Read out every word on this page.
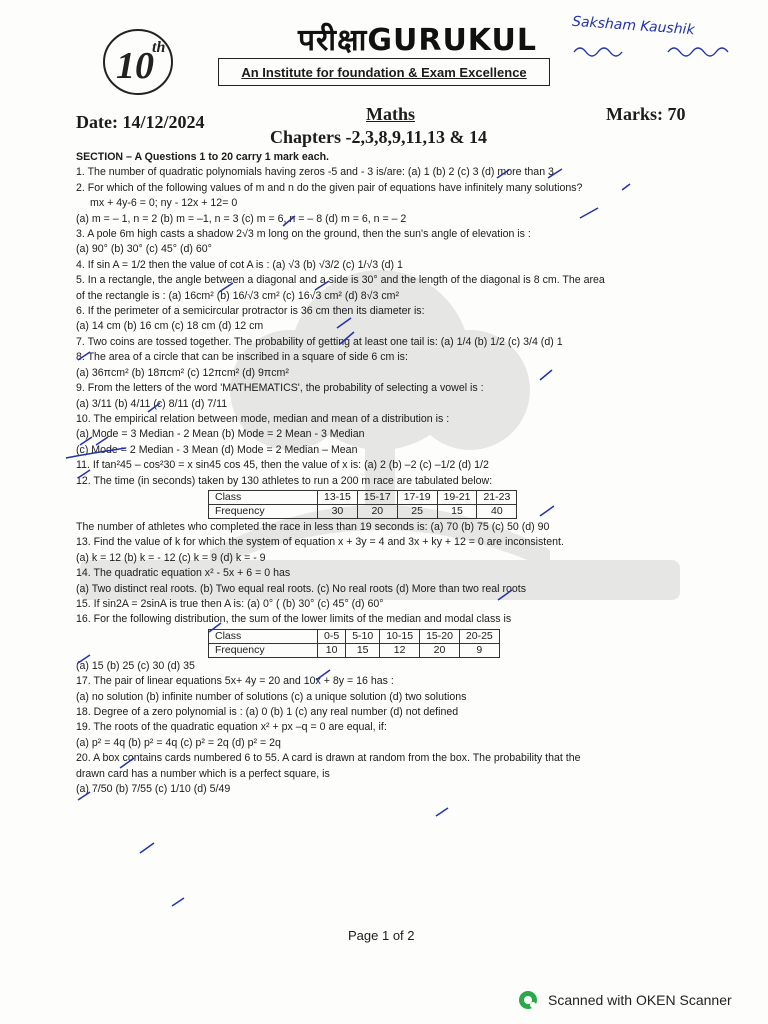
10
th	परीक्षाGURUKUL
An Institute for foundation & Exam Excellence
Saksham Kaushik
Date: 14/12/2024	Maths	Marks: 70
Chapters -2,3,8,9,11,13 & 14
SECTION – A Questions 1 to 20 carry 1 mark each.
1. The number of quadratic polynomials having zeros -5 and - 3 is/are: (a) 1 (b) 2 (c) 3 (d) more than 3
2. For which of the following values of m and n do the given pair of equations have infinitely many solutions?
mx + 4y-6 = 0; ny - 12x + 12= 0
(a) m = – 1, n = 2 (b) m = –1, n = 3 (c) m = 6, n = – 8 (d) m = 6, n = – 2
3. A pole 6m high casts a shadow 2√3 m long on the ground, then the sun's angle of elevation is :
(a) 90° (b) 30° (c) 45° (d) 60°
4. If sin A = 1/2 then the value of cot A is : (a) √3 (b) √3/2 (c) 1/√3 (d) 1
5. In a rectangle, the angle between a diagonal and a side is 30° and the length of the diagonal is 8 cm. The area
of the rectangle is : (a) 16cm² (b) 16/√3 cm² (c) 16√3 cm² (d) 8√3 cm²
6. If the perimeter of a semicircular protractor is 36 cm then its diameter is:
(a) 14 cm (b) 16 cm (c) 18 cm (d) 12 cm
7. Two coins are tossed together. The probability of getting at least one tail is: (a) 1/4 (b) 1/2 (c) 3/4 (d) 1
8. The area of a circle that can be inscribed in a square of side 6 cm is:
(a) 36πcm² (b) 18πcm² (c) 12πcm² (d) 9πcm²
9. From the letters of the word 'MATHEMATICS', the probability of selecting a vowel is :
(a) 3/11 (b) 4/11 (c) 8/11 (d) 7/11
10. The empirical relation between mode, median and mean of a distribution is :
(a) Mode = 3 Median - 2 Mean (b) Mode = 2 Mean - 3 Median
(c) Mode = 2 Median - 3 Mean (d) Mode = 2 Median – Mean
11. If tan²45 – cos²30 = x sin45 cos 45, then the value of x is: (a) 2 (b) –2 (c) –1/2 (d) 1/2
12. The time (in seconds) taken by 130 athletes to run a 200 m race are tabulated below:
Class	13-15	15-17	17-19	19-21	21-23
Frequency	30	20	25	15	40
The number of athletes who completed the race in less than 19 seconds is: (a) 70 (b) 75 (c) 50 (d) 90
13. Find the value of k for which the system of equation x + 3y = 4 and 3x + ky + 12 = 0 are inconsistent.
(a) k = 12 (b) k = - 12 (c) k = 9 (d) k = - 9
14. The quadratic equation x² - 5x + 6 = 0 has
(a) Two distinct real roots. (b) Two equal real roots. (c) No real roots (d) More than two real roots
15. If sin2A = 2sinA is true then A is: (a) 0° ( (b) 30° (c) 45° (d) 60°
16. For the following distribution, the sum of the lower limits of the median and modal class is
Class	0-5	5-10	10-15	15-20	20-25
Frequency	10	15	12	20	9
(a) 15 (b) 25 (c) 30 (d) 35
17. The pair of linear equations 5x+ 4y = 20 and 10x + 8y = 16 has :
(a) no solution (b) infinite number of solutions (c) a unique solution (d) two solutions
18. Degree of a zero polynomial is : (a) 0 (b) 1 (c) any real number (d) not defined
19. The roots of the quadratic equation x² + px –q = 0 are equal, if:
(a) p² = 4q (b) p² = 4q (c) p² = 2q (d) p² = 2q
20. A box contains cards numbered 6 to 55. A card is drawn at random from the box. The probability that the
drawn card has a number which is a perfect square, is
(a) 7/50 (b) 7/55 (c) 1/10 (d) 5/49
Page 1 of 2
Scanned with OKEN Scanner
